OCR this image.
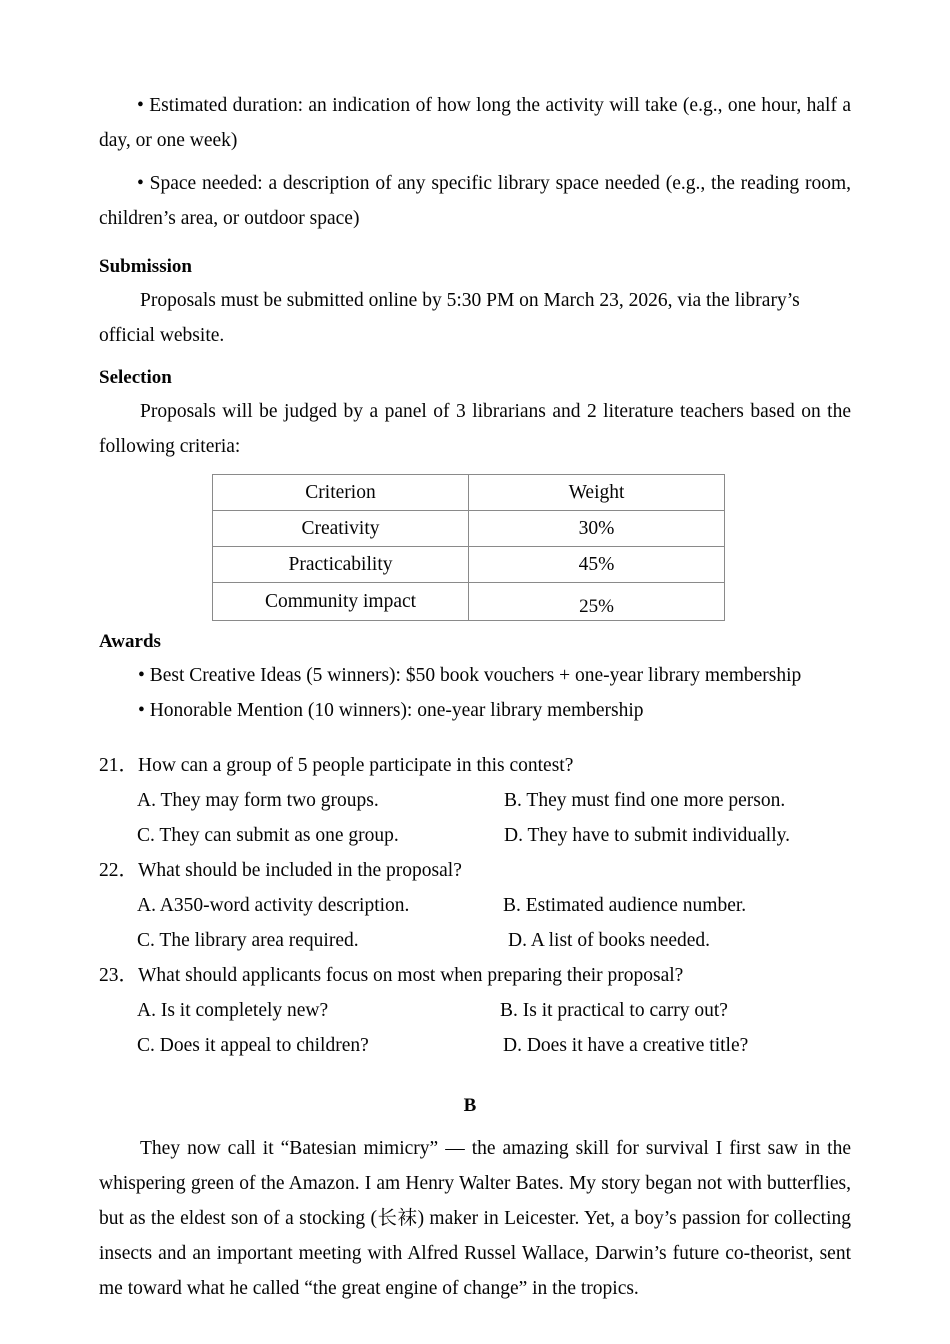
• Estimated duration: an indication of how long the activity will take (e.g., one hour, half a day, or one week)

• Space needed: a description of any specific library space needed (e.g., the reading room, children’s area, or outdoor space)

Submission

Proposals must be submitted online by 5:30 PM on March 23, 2026, via the library’s official website.

Selection

Proposals will be judged by a panel of 3 librarians and 2 literature teachers based on the following criteria:

Criterion	Weight
Creativity	30%
Practicability	45%
Community impact	25%

Awards

• Best Creative Ideas (5 winners): $50 book vouchers + one-year library membership

• Honorable Mention (10 winners): one-year library membership

21．How can a group of 5 people participate in this contest?

A. They may form two groups.	B. They must find one more person.
C. They can submit as one group.	D. They have to submit individually.

22．What should be included in the proposal?

A. A350-word activity description.	B. Estimated audience number.
C. The library area required.	D. A list of books needed.

23．What should applicants focus on most when preparing their proposal?

A. Is it completely new?	B. Is it practical to carry out?
C. Does it appeal to children?	D. Does it have a creative title?

B

They now call it “Batesian mimicry” — the amazing skill for survival I first saw in the whispering green of the Amazon. I am Henry Walter Bates. My story began not with butterflies, but as the eldest son of a stocking (长袜) maker in Leicester. Yet, a boy’s passion for collecting insects and an important meeting with Alfred Russel Wallace, Darwin’s future co-theorist, sent me toward what he called “the great engine of change” in the tropics.
